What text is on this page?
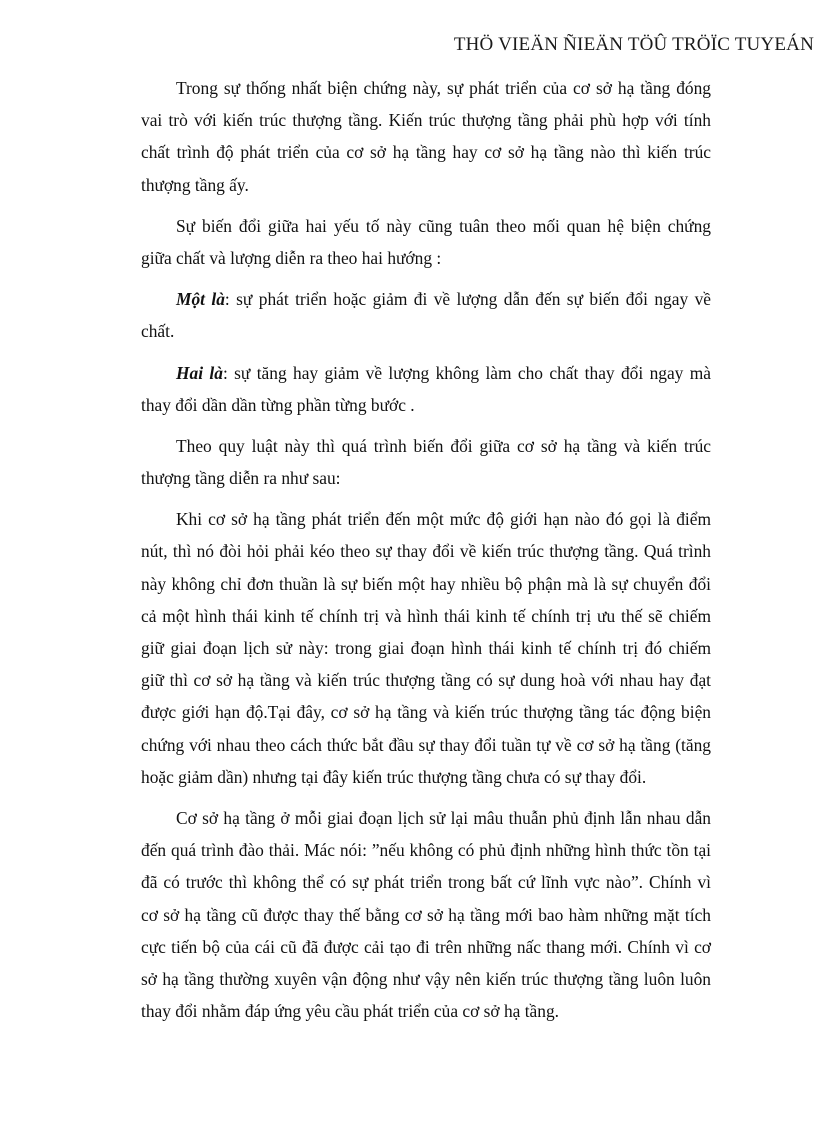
THÖ VIEÄN ÑIEÄN TÖÛ TRÖÏC TUYEÁN
Trong sự thống nhất biện chứng này, sự phát triển của cơ sở hạ tầng đóng
vai trò với kiến trúc thượng tầng. Kiến trúc thượng tầng phải phù hợp với tính
chất trình độ phát triển của cơ sở hạ tầng hay cơ sở hạ tầng nào thì kiến trúc
thượng tầng ấy.
Sự biến đổi giữa hai yếu tố này cũng tuân theo mối quan hệ biện chứng
giữa chất và lượng diễn ra theo hai hướng :
Một là: sự phát triển hoặc giảm đi về lượng dẫn đến sự biến đổi ngay về
chất.
Hai là: sự tăng hay giảm về lượng không làm cho chất thay đổi ngay mà
thay đổi dần dần từng phần từng bước .
Theo quy luật này thì quá trình biến đổi giữa cơ sở hạ tầng và kiến trúc
thượng tầng diễn ra như sau:
Khi cơ sở hạ tầng phát triển đến một mức độ giới hạn nào đó gọi là điểm
nút, thì nó đòi hỏi phải kéo theo sự thay đổi về kiến trúc thượng tầng. Quá trình
này không chỉ đơn thuần là sự biến một hay nhiều bộ phận mà là sự chuyển đổi
cả một hình thái kinh tế chính trị và hình thái kinh tế chính trị ưu thế sẽ chiếm
giữ giai đoạn lịch sử này: trong giai đoạn hình thái kinh tế chính trị đó chiếm
giữ thì cơ sở hạ tầng và kiến trúc thượng tầng có sự dung hoà với nhau hay đạt
được giới hạn độ.Tại đây, cơ sở hạ tầng và kiến trúc thượng tầng tác động biện
chứng với nhau theo cách thức bắt đầu sự thay đổi tuần tự về cơ sở hạ tầng (tăng
hoặc giảm dần) nhưng tại đây kiến trúc thượng tầng chưa có sự thay đổi.
Cơ sở hạ tầng ở mỗi giai đoạn lịch sử lại mâu thuẫn phủ định lẫn nhau dẫn
đến quá trình đào thải. Mác nói: ”nếu không có phủ định những hình thức tồn tại
đã có trước thì không thể có sự phát triển trong bất cứ lĩnh vực nào”. Chính vì
cơ sở hạ tầng cũ được thay thế bằng cơ sở hạ tầng mới bao hàm những mặt tích
cực tiến bộ của cái cũ đã được cải tạo đi trên những nấc thang mới. Chính vì cơ
sở hạ tầng thường xuyên vận động như vậy nên kiến trúc thượng tầng luôn luôn
thay đổi nhằm đáp ứng yêu cầu phát triển của cơ sở hạ tầng.
